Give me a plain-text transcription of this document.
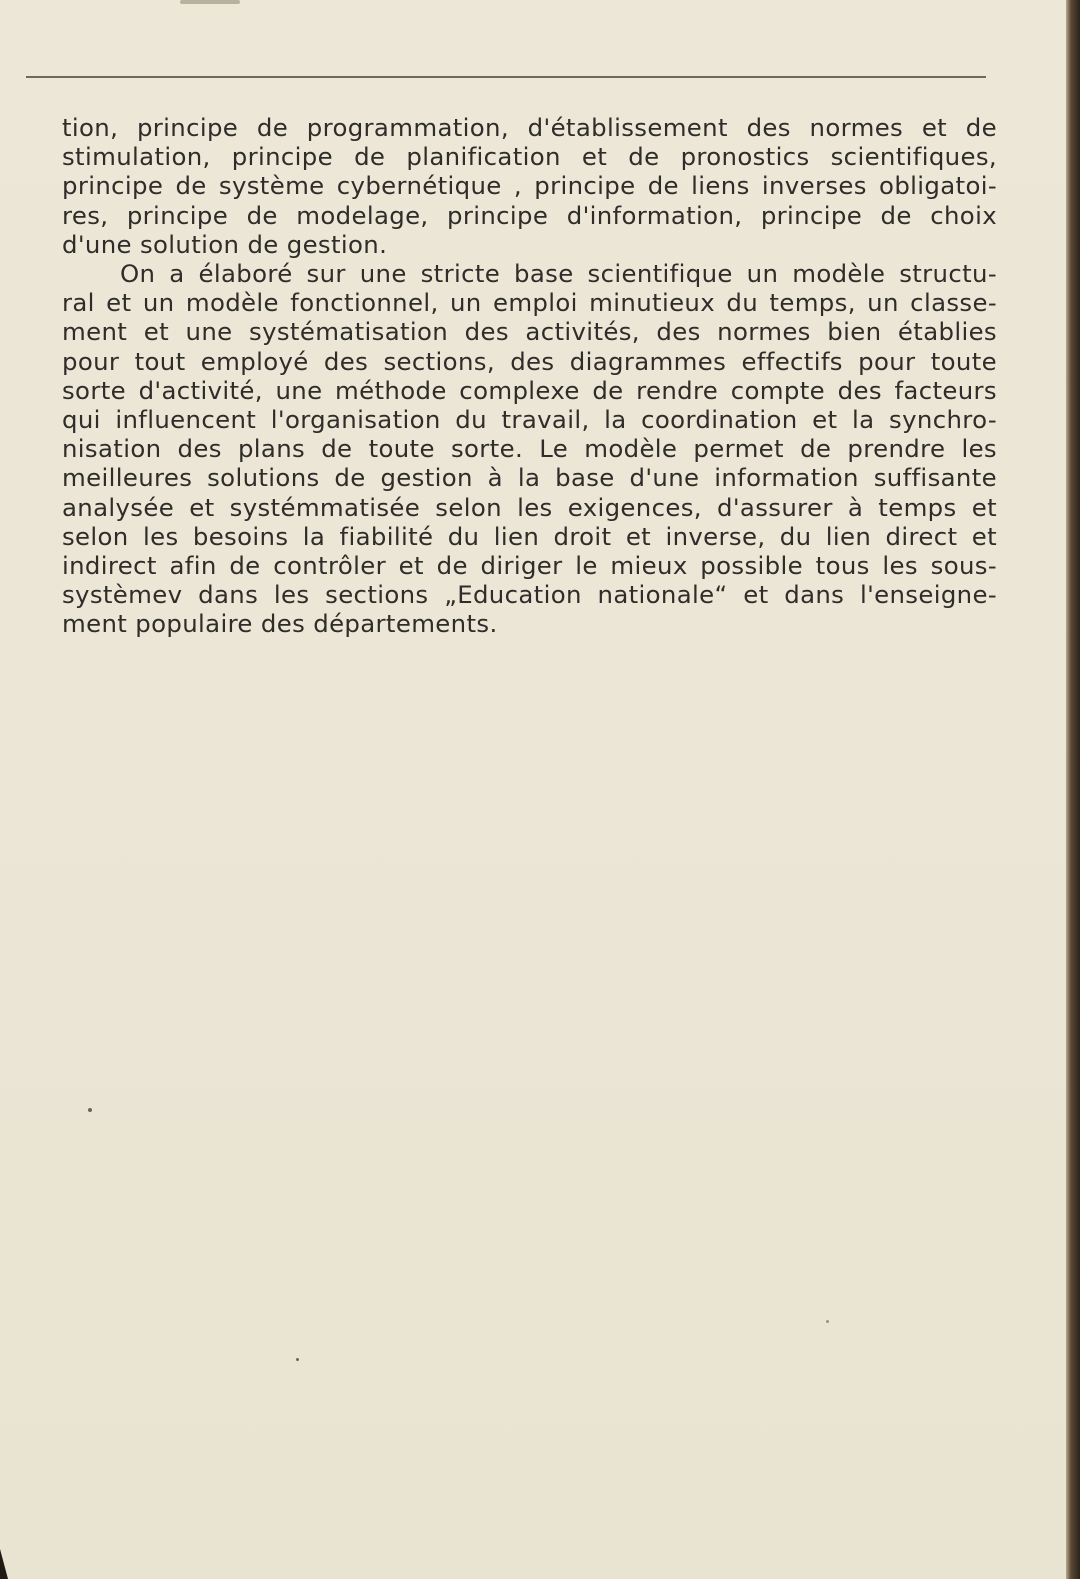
tion, principe de programmation, d'établissement des normes et de
stimulation, principe de planification et de pronostics scientifiques,
principe de système cybernétique , principe de liens inverses obligatoi-
res, principe de modelage, principe d'information, principe de choix
d'une solution de gestion.
On a élaboré sur une stricte base scientifique un modèle structu-
ral et un modèle fonctionnel, un emploi minutieux du temps, un classe-
ment et une systématisation des activités, des normes bien établies
pour tout employé des sections, des diagrammes effectifs pour toute
sorte d'activité, une méthode complexe de rendre compte des facteurs
qui influencent l'organisation du travail, la coordination et la synchro-
nisation des plans de toute sorte. Le modèle permet de prendre les
meilleures solutions de gestion à la base d'une information suffisante
analysée et systémmatisée selon les exigences, d'assurer à temps et
selon les besoins la fiabilité du lien droit et inverse, du lien direct et
indirect afin de contrôler et de diriger le mieux possible tous les sous-
systèmev dans les sections „Education nationale“ et dans l'enseigne-
ment populaire des départements.
